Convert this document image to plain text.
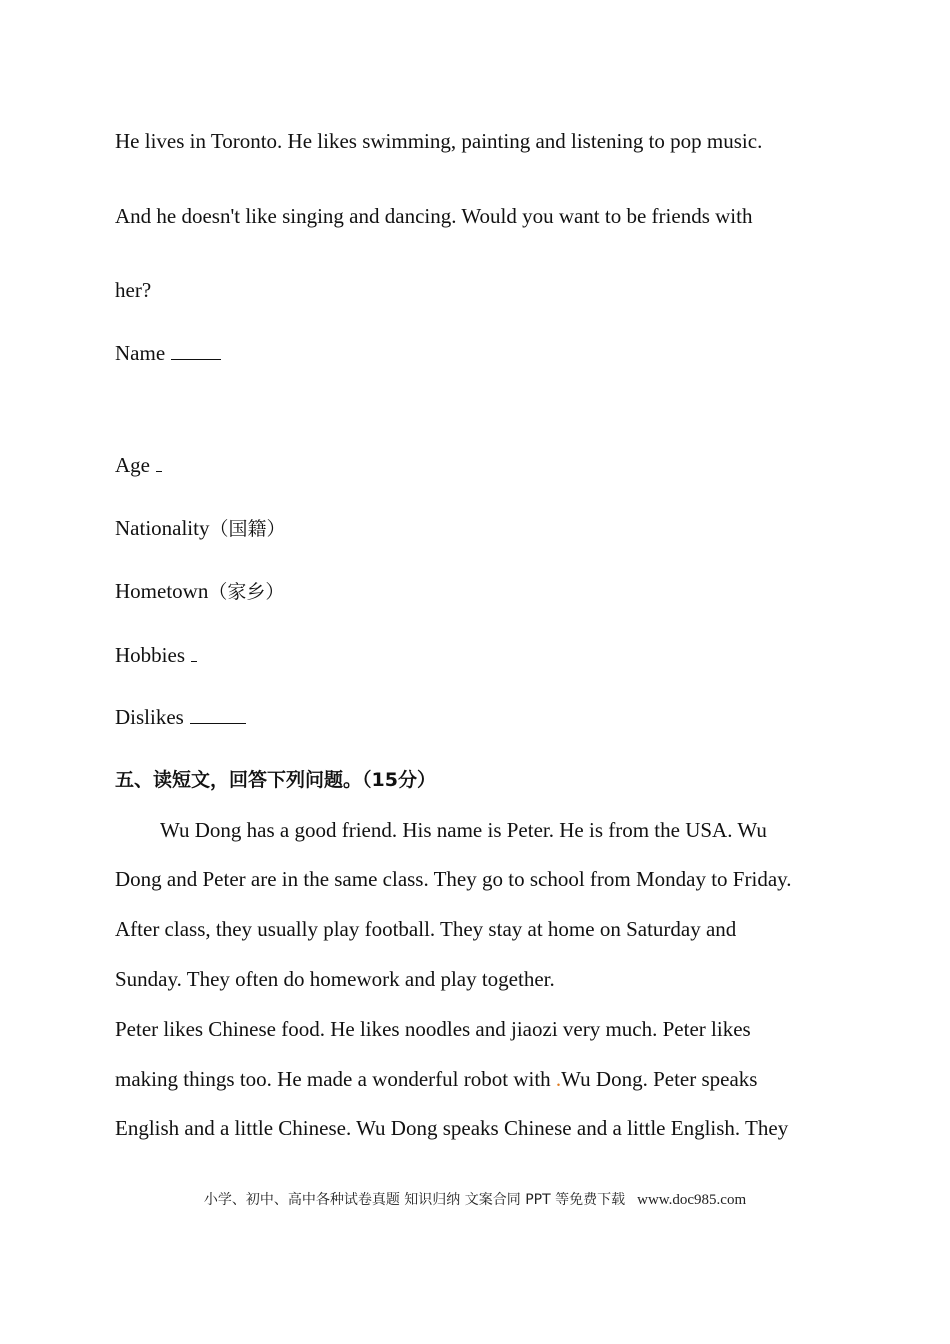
He lives in Toronto. He likes swimming, painting and listening to pop music.
And he doesn't like singing and dancing. Would you want to be friends with
her?
Name
Age
Nationality（国籍）
Hometown（家乡）
Hobbies
Dislikes
五、读短文，回答下列问题。（15分）
Wu Dong has a good friend. His name is Peter. He is from the USA. Wu
Dong and Peter are in the same class. They go to school from Monday to Friday.
After class, they usually play football. They stay at home on Saturday and
Sunday. They often do homework and play together.
Peter likes Chinese food. He likes noodles and jiaozi very much. Peter likes
making things too. He made a wonderful robot with .Wu Dong. Peter speaks
English and a little Chinese. Wu Dong speaks Chinese and a little English. They
小学、初中、高中各种试卷真题 知识归纳 文案合同 PPT 等免费下载 www.doc985.com
